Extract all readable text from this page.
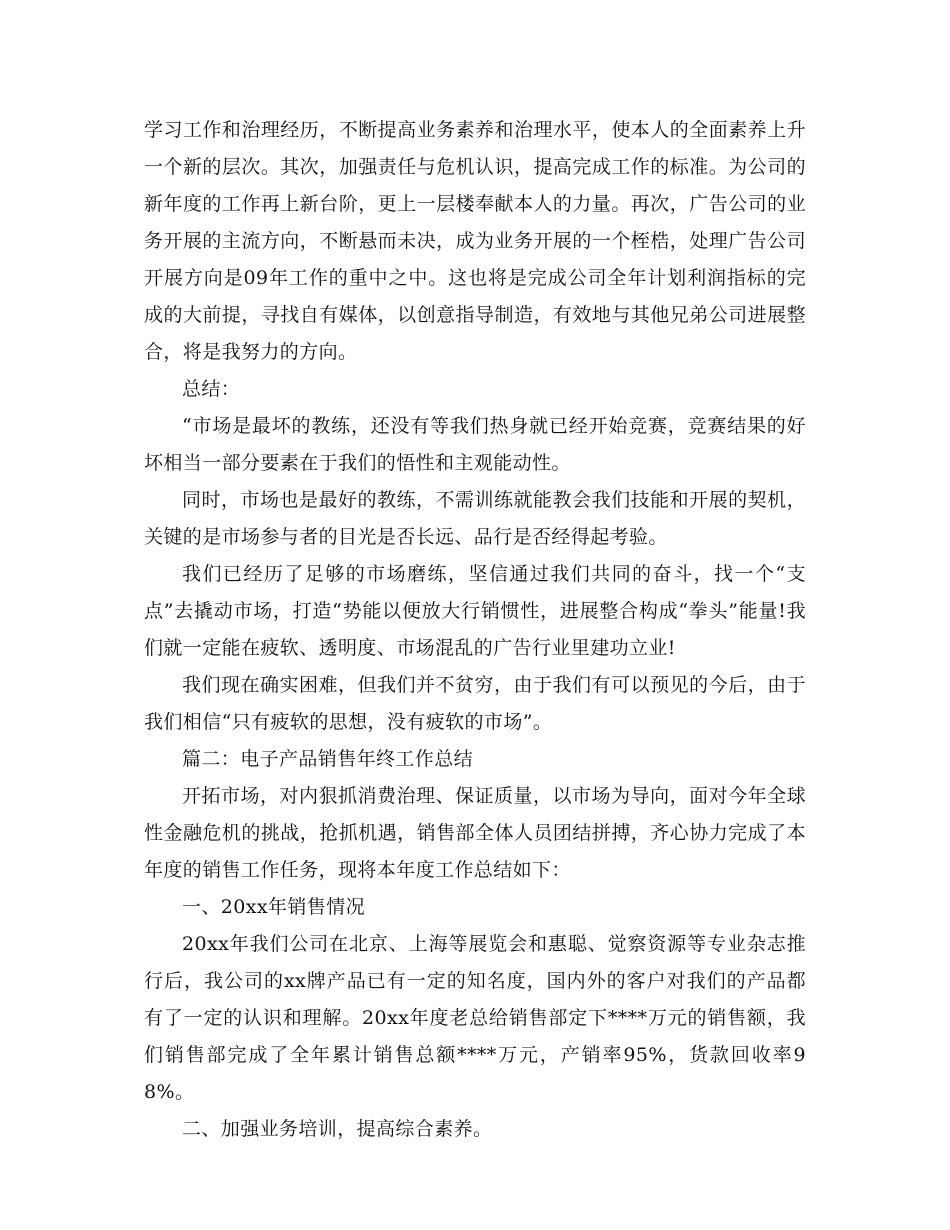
学习工作和治理经历，不断提高业务素养和治理水平，使本人的全面素养上升一个新的层次。其次，加强责任与危机认识，提高完成工作的标准。为公司的新年度的工作再上新台阶，更上一层楼奉献本人的力量。再次，广告公司的业务开展的主流方向，不断悬而未决，成为业务开展的一个桎梏，处理广告公司开展方向是09年工作的重中之中。这也将是完成公司全年计划利润指标的完成的大前提，寻找自有媒体，以创意指导制造，有效地与其他兄弟公司进展整合，将是我努力的方向。

总结：

“市场是最坏的教练，还没有等我们热身就已经开始竞赛，竞赛结果的好坏相当一部分要素在于我们的悟性和主观能动性。

同时，市场也是最好的教练，不需训练就能教会我们技能和开展的契机，关键的是市场参与者的目光是否长远、品行是否经得起考验。

我们已经历了足够的市场磨练，坚信通过我们共同的奋斗，找一个“支点”去撬动市场，打造“势能以便放大行销惯性，进展整合构成“拳头”能量!我们就一定能在疲软、透明度、市场混乱的广告行业里建功立业!

我们现在确实困难，但我们并不贫穷，由于我们有可以预见的今后，由于我们相信“只有疲软的思想，没有疲软的市场”。

篇二：电子产品销售年终工作总结

开拓市场，对内狠抓消费治理、保证质量，以市场为导向，面对今年全球性金融危机的挑战，抢抓机遇，销售部全体人员团结拼搏，齐心协力完成了本年度的销售工作任务，现将本年度工作总结如下：

一、20xx年销售情况

20xx年我们公司在北京、上海等展览会和惠聪、觉察资源等专业杂志推行后，我公司的xx牌产品已有一定的知名度，国内外的客户对我们的产品都有了一定的认识和理解。20xx年度老总给销售部定下****万元的销售额，我们销售部完成了全年累计销售总额****万元，产销率95%，货款回收率98%。

二、加强业务培训，提高综合素养。
